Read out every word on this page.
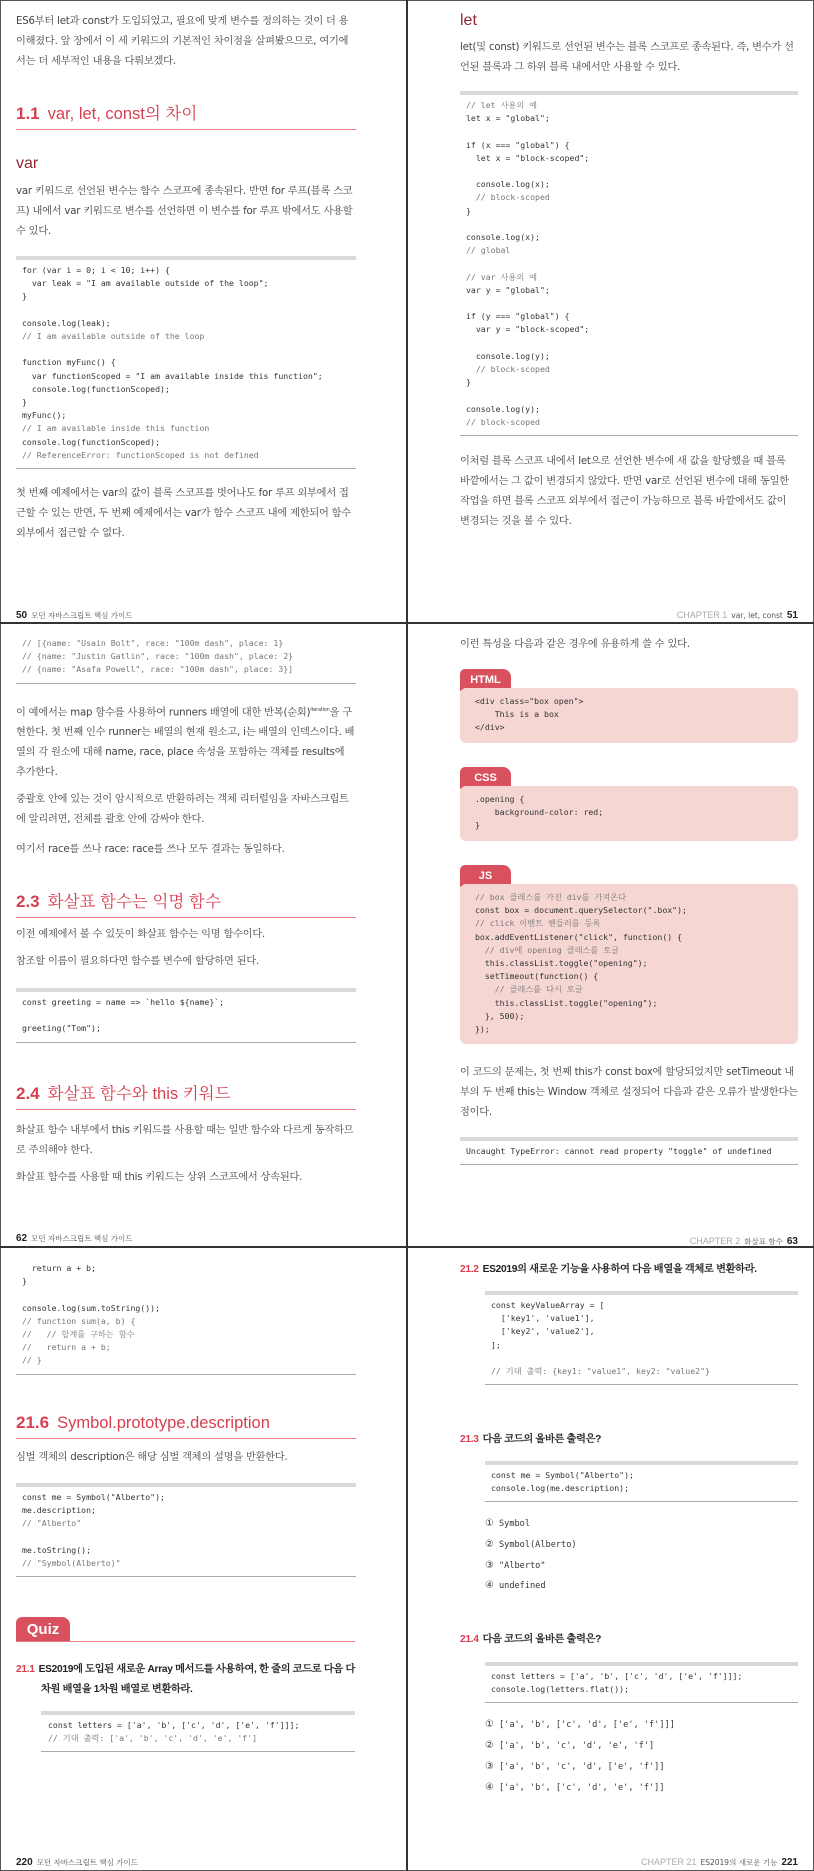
ES6부터 let과 const가 도입되었고, 필요에 맞게 변수를 정의하는 것이 더 용이해졌다. 앞 장에서 이 세 키워드의 기본적인 차이점을 살펴봤으므로, 여기에서는 더 세부적인 내용을 다뤄보겠다.
1.1 var, let, const의 차이
var
var 키워드로 선언된 변수는 함수 스코프에 종속된다. 반면 for 루프(블록 스코프) 내에서 var 키워드로 변수를 선언하면 이 변수를 for 루프 밖에서도 사용할 수 있다.
for (var i = 0; i < 10; i++) {
var leak = "I am available outside of the loop";
}

console.log(leak);
// I am available outside of the loop

function myFunc() {
var functionScoped = "I am available inside this function";
console.log(functionScoped);
}
myFunc();
// I am available inside this function
console.log(functionScoped);
// ReferenceError: functionScoped is not defined
첫 번째 예제에서는 var의 값이 블록 스코프를 벗어나도 for 루프 외부에서 접근할 수 있는 반면, 두 번째 예제에서는 var가 함수 스코프 내에 제한되어 함수 외부에서 접근할 수 없다.
50 모던 자바스크립트 핵심 가이드
let
let(및 const) 키워드로 선언된 변수는 블록 스코프로 종속된다. 즉, 변수가 선언된 블록과 그 하위 블록 내에서만 사용할 수 있다.
// let 사용의 예
let x = "global";

if (x === "global") {
let x = "block-scoped";

console.log(x);
// block-scoped
}

console.log(x);
// global

// var 사용의 예
var y = "global";

if (y === "global") {
var y = "block-scoped";

console.log(y);
// block-scoped
}

console.log(y);
// block-scoped
이처럼 블록 스코프 내에서 let으로 선언한 변수에 새 값을 할당했을 때 블록 바깥에서는 그 값이 변경되지 않았다. 반면 var로 선언된 변수에 대해 동일한 작업을 하면 블록 스코프 외부에서 접근이 가능하므로 블록 바깥에서도 값이 변경되는 것을 볼 수 있다.
CHAPTER 1 var, let, const 51
// [{name: "Usain Bolt", race: "100m dash", place: 1}
// {name: "Justin Gatlin", race: "100m dash", place: 2}
// {name: "Asafa Powell", race: "100m dash", place: 3}]
이 예에서는 map 함수를 사용하여 runners 배열에 대한 반복(순회)$^{iteration}$을 구현한다. 첫 번째 인수 runner는 배열의 현재 원소고, i는 배열의 인덱스이다. 배열의 각 원소에 대해 name, race, place 속성을 포함하는 객체를 results에 추가한다.
중괄호 안에 있는 것이 암시적으로 반환하려는 객체 리터럴임을 자바스크립트에 알리려면, 전체를 괄호 안에 감싸야 한다.
여기서 race를 쓰나 race: race를 쓰나 모두 결과는 동일하다.
2.3 화살표 함수는 익명 함수
이전 예제에서 볼 수 있듯이 화살표 함수는 익명 함수이다.
참조할 이름이 필요하다면 함수를 변수에 할당하면 된다.
const greeting = name => `hello ${name}`;

greeting("Tom");
2.4 화살표 함수와 this 키워드
화살표 함수 내부에서 this 키워드를 사용할 때는 일반 함수와 다르게 동작하므로 주의해야 한다.
화살표 함수를 사용할 때 this 키워드는 상위 스코프에서 상속된다.
62 모던 자바스크립트 핵심 가이드
이런 특성을 다음과 같은 경우에 유용하게 쓸 수 있다.
HTML
<div class="box open">
This is a box
</div>
CSS
.opening {
background-color: red;
}
JS
// box 클래스를 가진 div를 가져온다
const box = document.querySelector(".box");
// click 이벤트 핸들러를 등록
box.addEventListener("click", function() {
// div에 opening 클래스를 토글
this.classList.toggle("opening");
setTimeout(function() {
// 클래스를 다시 토글
this.classList.toggle("opening");
}, 500);
});
이 코드의 문제는, 첫 번째 this가 const box에 할당되었지만 setTimeout 내부의 두 번째 this는 Window 객체로 설정되어 다음과 같은 오류가 발생한다는 점이다.
Uncaught TypeError: cannot read property "toggle" of undefined
CHAPTER 2 화살표 함수 63
return a + b;
}

console.log(sum.toString());
// function sum(a, b) {
//   // 합계를 구하는 함수
//   return a + b;
// }
21.6 Symbol.prototype.description
심벌 객체의 description은 해당 심벌 객체의 설명을 반환한다.
const me = Symbol("Alberto");
me.description;
// "Alberto"

me.toString();
// "Symbol(Alberto)"
Quiz
21.1 ES2019에 도입된 새로운 Array 메서드를 사용하여, 한 줄의 코드로 다음 다차원 배열을 1차원 배열로 변환하라.
const letters = ['a', 'b', ['c', 'd', ['e', 'f']]];
// 기대 출력: ['a', 'b', 'c', 'd', 'e', 'f']
220 모던 자바스크립트 핵심 가이드
21.2 ES2019의 새로운 기능을 사용하여 다음 배열을 객체로 변환하라.
const keyValueArray = [
['key1', 'value1'],
['key2', 'value2'],
];

// 기대 출력: {key1: "value1", key2: "value2"}
21.3 다음 코드의 올바른 출력은?
const me = Symbol("Alberto");
console.log(me.description);
① Symbol
② Symbol(Alberto)
③ "Alberto"
④ undefined
21.4 다음 코드의 올바른 출력은?
const letters = ['a', 'b', ['c', 'd', ['e', 'f']]];
console.log(letters.flat());
① ['a', 'b', ['c', 'd', ['e', 'f']]]
② ['a', 'b', 'c', 'd', 'e', 'f']
③ ['a', 'b', 'c', 'd', ['e', 'f']]
④ ['a', 'b', ['c', 'd', 'e', 'f']]
CHAPTER 21 ES2019의 새로운 기능 221
